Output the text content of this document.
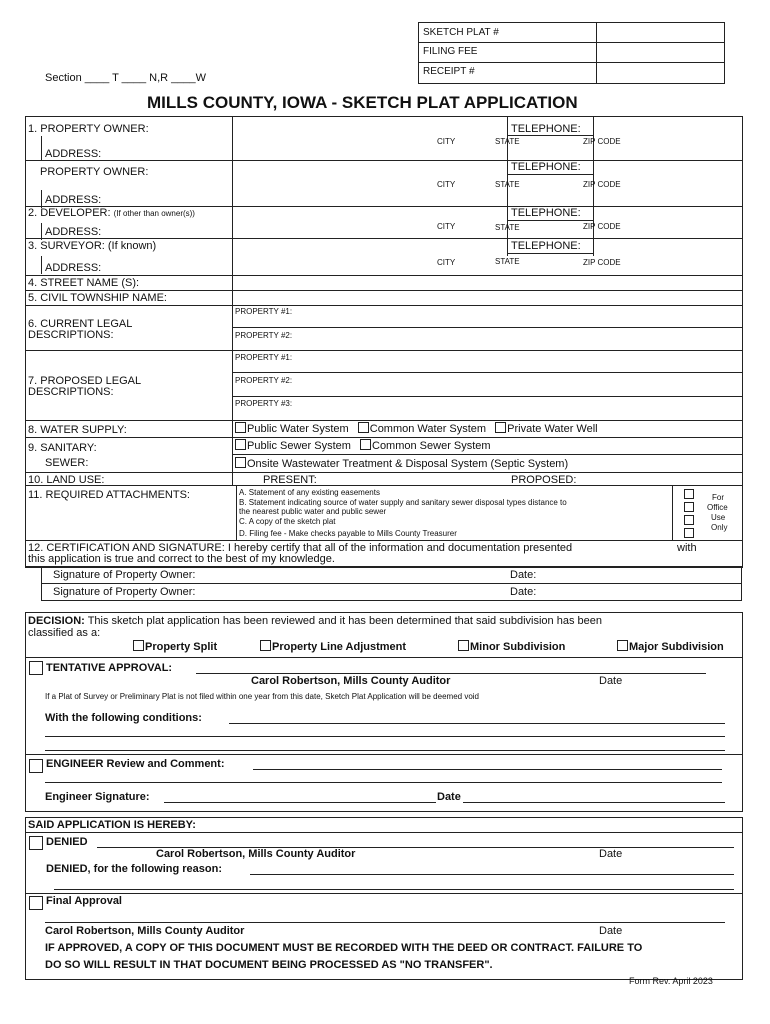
SKETCH PLAT #
FILING FEE
RECEIPT #
Section ____ T ____ N,R ____W
MILLS COUNTY, IOWA - SKETCH PLAT APPLICATION
1. PROPERTY OWNER:	TELEPHONE:
CITY	STATE	ZIP CODE
ADDRESS:
PROPERTY OWNER:	TELEPHONE:
CITY	STATE	ZIP CODE
ADDRESS:
2. DEVELOPER: (If other than owner(s))	TELEPHONE:
CITY	STATE	ZIP CODE
ADDRESS:
3. SURVEYOR: (If known)	TELEPHONE:
CITY	STATE	ZIP CODE
ADDRESS:
4. STREET NAME (S):
5. CIVIL TOWNSHIP NAME:
6. CURRENT LEGAL
DESCRIPTIONS:
PROPERTY #1:
PROPERTY #2:
7. PROPOSED LEGAL
DESCRIPTIONS:
PROPERTY #1:
PROPERTY #2:
PROPERTY #3:
8. WATER SUPPLY:	Public Water System Common Water System Private Water Well
9. SANITARY:
SEWER:
Public Sewer System Common Sewer System
Onsite Wastewater Treatment & Disposal System (Septic System)
10. LAND USE:	PRESENT:	PROPOSED:
11. REQUIRED ATTACHMENTS:	A. Statement of any existing easements
B. Statement indicating source of water supply and sanitary sewer disposal types distance to
the nearest public water and public sewer
C. A copy of the sketch plat
D. Filing fee - Make checks payable to Mills County Treasurer
For
Office
Use
Only
12. CERTIFICATION AND SIGNATURE: I hereby certify that all of the information and documentation presented	with
this application is true and correct to the best of my knowledge.
Signature of Property Owner:	Date:
Signature of Property Owner:	Date:
DECISION: This sketch plat application has been reviewed and it has been determined that said subdivision has been
classified as a:
Property Split	Property Line Adjustment	Minor Subdivision	Major Subdivision
TENTATIVE APPROVAL:
Carol Robertson, Mills County Auditor	Date
If a Plat of Survey or Preliminary Plat is not filed within one year from this date, Sketch Plat Application will be deemed void
With the following conditions:
ENGINEER Review and Comment:
Engineer Signature:	Date
SAID APPLICATION IS HEREBY:
DENIED
Carol Robertson, Mills County Auditor	Date
DENIED, for the following reason:
Final Approval
Carol Robertson, Mills County Auditor	Date
IF APPROVED, A COPY OF THIS DOCUMENT MUST BE RECORDED WITH THE DEED OR CONTRACT. FAILURE TO
DO SO WILL RESULT IN THAT DOCUMENT BEING PROCESSED AS "NO TRANSFER".
Form Rev. April 2023
